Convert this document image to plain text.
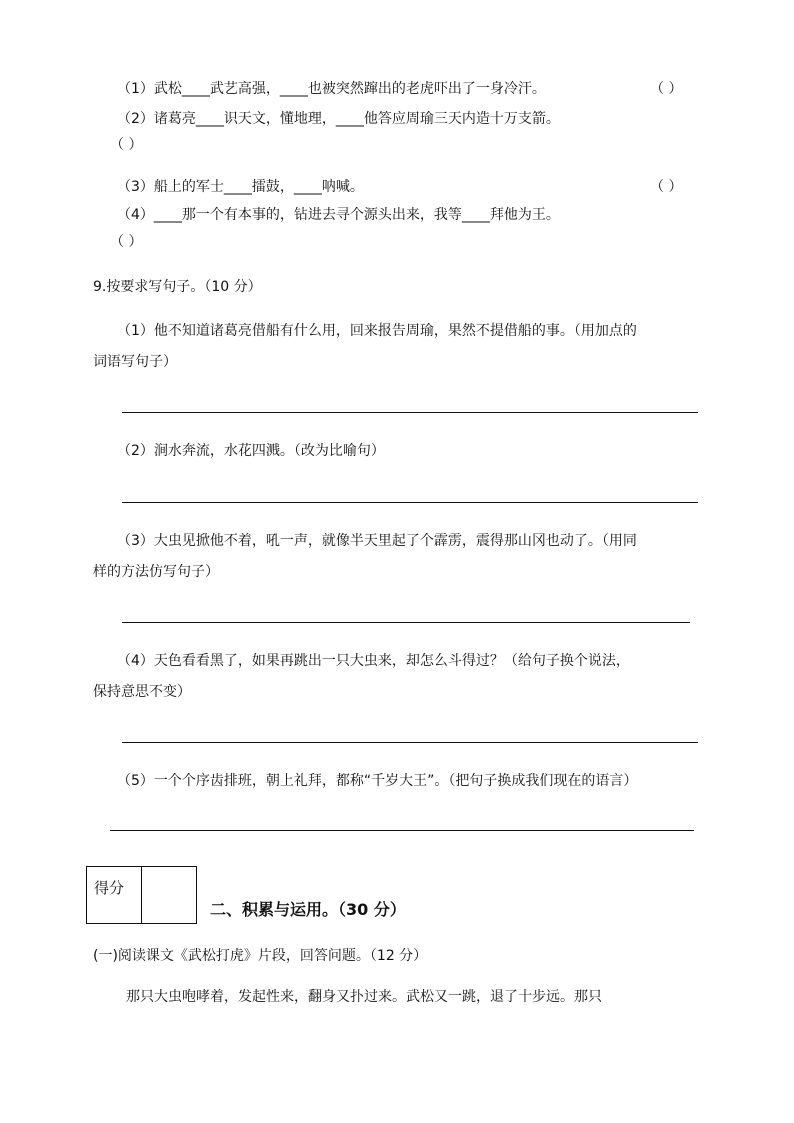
（1）武松____武艺高强，____也被突然蹿出的老虎吓出了一身冷汗。	（ ）
（2）诸葛亮____识天文，懂地理，____他答应周瑜三天内造十万支箭。
（ ）
（3）船上的军士____擂鼓，____呐喊。	（ ）
（4）____那一个有本事的，钻进去寻个源头出来，我等____拜他为王。
（ ）
9.按要求写句子。（10 分）
（1）他不知道诸葛亮借船有什么用，回来报告周瑜，果然不提借船的事。（用加点的
词语写句子）
（2）涧水奔流，水花四溅。（改为比喻句）
（3）大虫见掀他不着，吼一声，就像半天里起了个霹雳，震得那山冈也动了。（用同
样的方法仿写句子）
（4）天色看看黑了，如果再跳出一只大虫来，却怎么斗得过？（给句子换个说法，
保持意思不变）
（5）一个个序齿排班，朝上礼拜，都称“千岁大王”。（把句子换成我们现在的语言）
得分
二、积累与运用。（30 分）
(一)阅读课文《武松打虎》片段，回答问题。（12 分）
那只大虫咆哮着，发起性来，翻身又扑过来。武松又一跳，退了十步远。那只
